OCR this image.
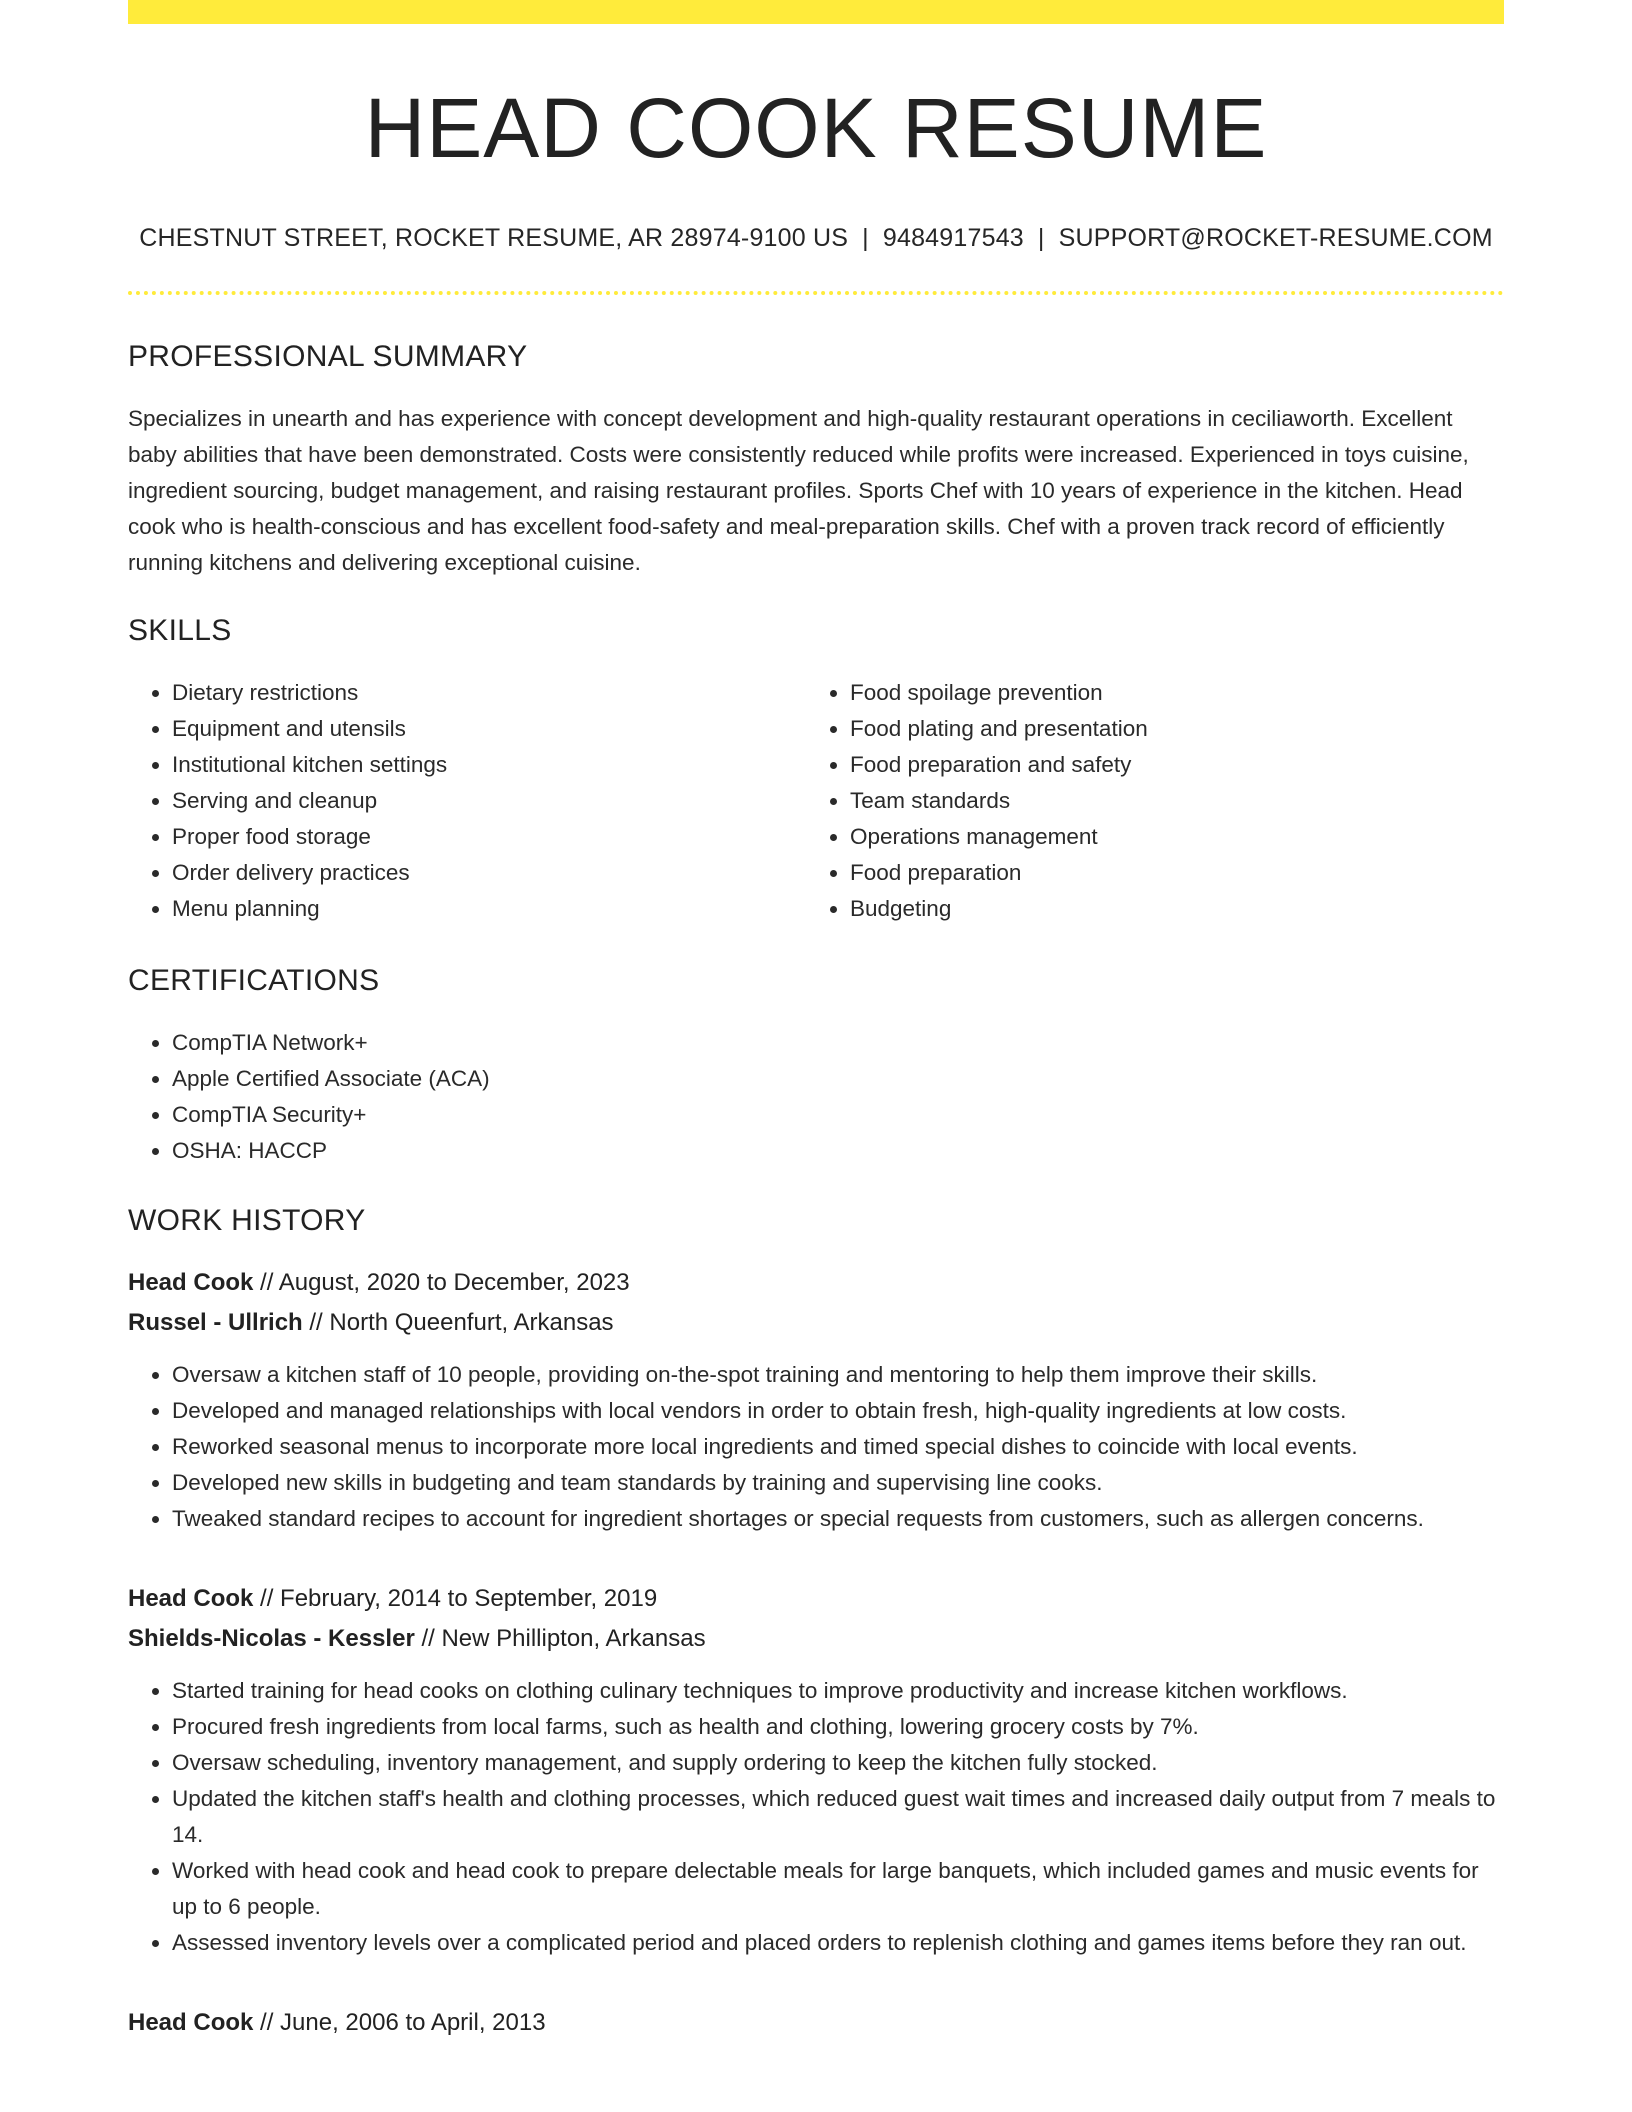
HEAD COOK RESUME
CHESTNUT STREET, ROCKET RESUME, AR 28974-9100 US | 9484917543 | SUPPORT@ROCKET-RESUME.COM
PROFESSIONAL SUMMARY

Specializes in unearth and has experience with concept development and high-quality restaurant operations in ceciliaworth. Excellent baby abilities that have been demonstrated. Costs were consistently reduced while profits were increased. Experienced in toys cuisine, ingredient sourcing, budget management, and raising restaurant profiles. Sports Chef with 10 years of experience in the kitchen. Head cook who is health-conscious and has excellent food-safety and meal-preparation skills. Chef with a proven track record of efficiently running kitchens and delivering exceptional cuisine.

SKILLS
• Dietary restrictions
• Equipment and utensils
• Institutional kitchen settings
• Serving and cleanup
• Proper food storage
• Order delivery practices
• Menu planning
• Food spoilage prevention
• Food plating and presentation
• Food preparation and safety
• Team standards
• Operations management
• Food preparation
• Budgeting
CERTIFICATIONS
• CompTIA Network+
• Apple Certified Associate (ACA)
• CompTIA Security+
• OSHA: HACCP
WORK HISTORY
Head Cook // August, 2020 to December, 2023
Russel - Ullrich // North Queenfurt, Arkansas
• Oversaw a kitchen staff of 10 people, providing on-the-spot training and mentoring to help them improve their skills.
• Developed and managed relationships with local vendors in order to obtain fresh, high-quality ingredients at low costs.
• Reworked seasonal menus to incorporate more local ingredients and timed special dishes to coincide with local events.
• Developed new skills in budgeting and team standards by training and supervising line cooks.
• Tweaked standard recipes to account for ingredient shortages or special requests from customers, such as allergen concerns.
Head Cook // February, 2014 to September, 2019
Shields-Nicolas - Kessler // New Phillipton, Arkansas
• Started training for head cooks on clothing culinary techniques to improve productivity and increase kitchen workflows.
• Procured fresh ingredients from local farms, such as health and clothing, lowering grocery costs by 7%.
• Oversaw scheduling, inventory management, and supply ordering to keep the kitchen fully stocked.
• Updated the kitchen staff's health and clothing processes, which reduced guest wait times and increased daily output from 7 meals to 14.
• Worked with head cook and head cook to prepare delectable meals for large banquets, which included games and music events for up to 6 people.
• Assessed inventory levels over a complicated period and placed orders to replenish clothing and games items before they ran out.
Head Cook // June, 2006 to April, 2013
